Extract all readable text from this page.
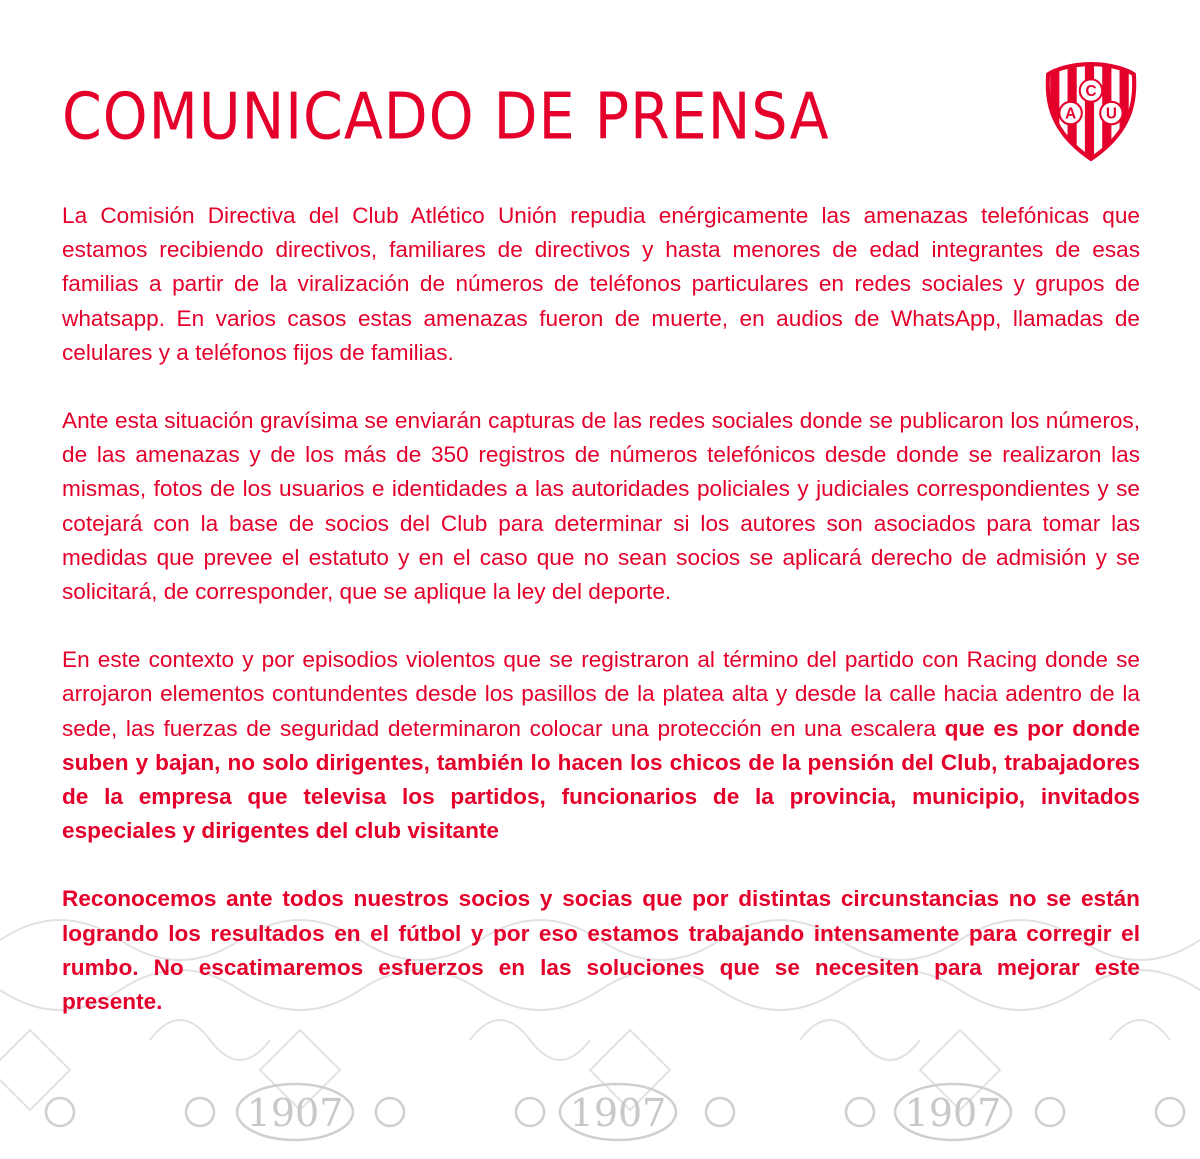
1907	1907	1907
COMUNICADO DE PRENSA	C
A U

La Comisión Directiva del Club Atlético Unión repudia enérgicamente las amenazas telefónicas que estamos recibiendo directivos, familiares de directivos y hasta menores de edad integrantes de esas familias a partir de la viralización de números de teléfonos particulares en redes sociales y grupos de whatsapp. En varios casos estas amenazas fueron de muerte, en audios de WhatsApp, llamadas de celulares y a teléfonos fijos de familias.

Ante esta situación gravísima se enviarán capturas de las redes sociales donde se publicaron los números, de las amenazas y de los más de 350 registros de números telefónicos desde donde se realizaron las mismas, fotos de los usuarios e identidades a las autoridades policiales y judiciales correspondientes y se cotejará con la base de socios del Club para determinar si los autores son asociados para tomar las medidas que prevee el estatuto y en el caso que no sean socios se aplicará derecho de admisión y se solicitará, de corresponder, que se aplique la ley del deporte.

En este contexto y por episodios violentos que se registraron al término del partido con Racing donde se arrojaron elementos contundentes desde los pasillos de la platea alta y desde la calle hacia adentro de la sede, las fuerzas de seguridad determinaron colocar una protección en una escalera que es por donde suben y bajan, no solo dirigentes, también lo hacen los chicos de la pensión del Club, trabajadores de la empresa que televisa los partidos, funcionarios de la provincia, municipio, invitados especiales y dirigentes del club visitante

Reconocemos ante todos nuestros socios y socias que por distintas circunstancias no se están logrando los resultados en el fútbol y por eso estamos trabajando intensamente para corregir el rumbo. No escatimaremos esfuerzos en las soluciones que se necesiten para mejorar este presente.
